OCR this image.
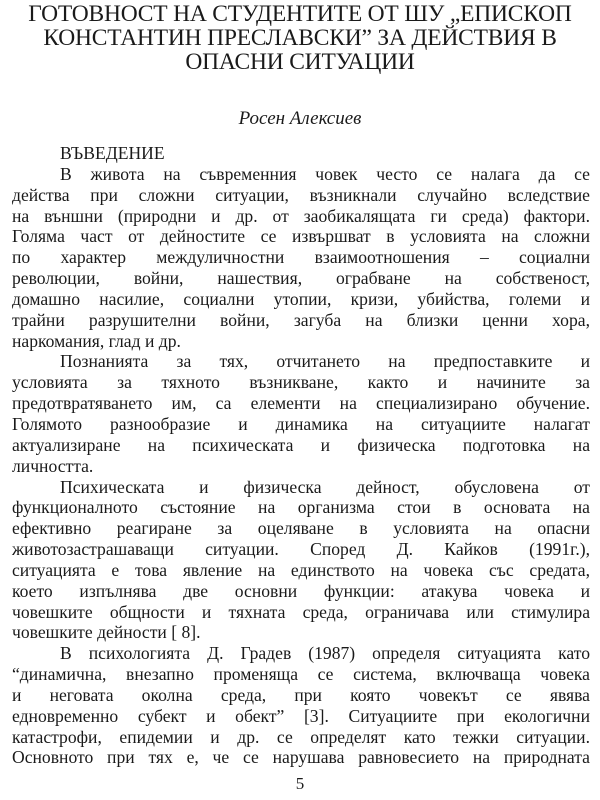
ГОТОВНОСТ НА СТУДЕНТИТЕ ОТ ШУ „ЕПИСКОП
КОНСТАНТИН ПРЕСЛАВСКИ” ЗА ДЕЙСТВИЯ В
ОПАСНИ СИТУАЦИИ
Росен Алексиев
ВЪВЕДЕНИЕ
В живота на съвременния човек често се налага да се
действа при сложни ситуации, възникнали случайно вследствие
на външни (природни и др. от заобикалящата ги среда) фактори.
Голяма част от дейностите се извършват в условията на сложни
по характер междуличностни взаимоотношения – социални
революции, войни, нашествия, ограбване на собственост,
домашно насилие, социални утопии, кризи, убийства, големи и
трайни разрушителни войни, загуба на близки ценни хора,
наркомания, глад и др.
Познанията за тях, отчитането на предпоставките и
условията за тяхното възникване, както и начините за
предотвратяването им, са елементи на специализирано обучение.
Голямото разнообразие и динамика на ситуациите налагат
актуализиране на психическата и физическа подготовка на
личността.
Психическата и физическа дейност, обусловена от
функционалното състояние на организма стои в основата на
ефективно реагиране за оцеляване в условията на опасни
животозастрашаващи ситуации. Според Д. Кайков (1991г.),
ситуацията е това явление на единството на човека със средата,
което изпълнява две основни функции: атакува човека и
човешките общности и тяхната среда, ограничава или стимулира
човешките дейности [ 8].
В психологията Д. Градев (1987) определя ситуацията като
“динамична, внезапно променяща се система, включваща човека
и неговата околна среда, при която човекът се явява
едновременно субект и обект” [3]. Ситуациите при екологични
катастрофи, епидемии и др. се определят като тежки ситуации.
Основното при тях е, че се нарушава равновесието на природната
5
